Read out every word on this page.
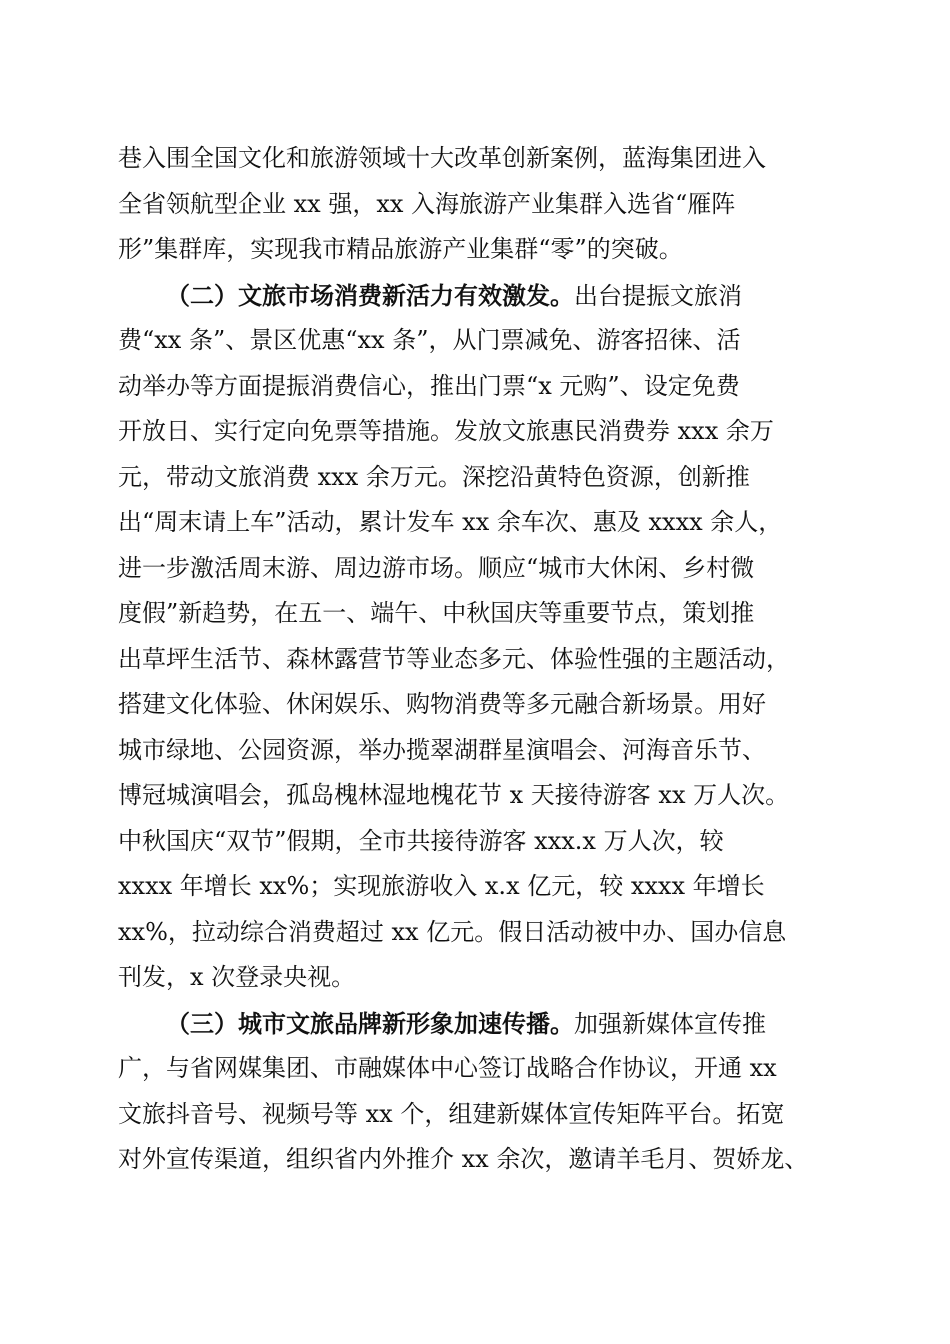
巷入围全国文化和旅游领域十大改革创新案例，蓝海集团进入
全省领航型企业 xx 强，xx 入海旅游产业集群入选省“雁阵
形”集群库，实现我市精品旅游产业集群“零”的突破。
（二）文旅市场消费新活力有效激发。出台提振文旅消
费“xx 条”、景区优惠“xx 条”，从门票减免、游客招徕、活
动举办等方面提振消费信心，推出门票“x 元购”、设定免费
开放日、实行定向免票等措施。发放文旅惠民消费券 xxx 余万
元，带动文旅消费 xxx 余万元。深挖沿黄特色资源，创新推
出“周末请上车”活动，累计发车 xx 余车次、惠及 xxxx 余人，
进一步激活周末游、周边游市场。顺应“城市大休闲、乡村微
度假”新趋势，在五一、端午、中秋国庆等重要节点，策划推
出草坪生活节、森林露营节等业态多元、体验性强的主题活动，
搭建文化体验、休闲娱乐、购物消费等多元融合新场景。用好
城市绿地、公园资源，举办揽翠湖群星演唱会、河海音乐节、
博冠城演唱会，孤岛槐林湿地槐花节 x 天接待游客 xx 万人次。
中秋国庆“双节”假期，全市共接待游客 xxx.x 万人次，较
xxxx 年增长 xx%；实现旅游收入 x.x 亿元，较 xxxx 年增长
xx%，拉动综合消费超过 xx 亿元。假日活动被中办、国办信息
刊发，x 次登录央视。
（三）城市文旅品牌新形象加速传播。加强新媒体宣传推
广，与省网媒集团、市融媒体中心签订战略合作协议，开通 xx
文旅抖音号、视频号等 xx 个，组建新媒体宣传矩阵平台。拓宽
对外宣传渠道，组织省内外推介 xx 余次，邀请羊毛月、贺娇龙、
